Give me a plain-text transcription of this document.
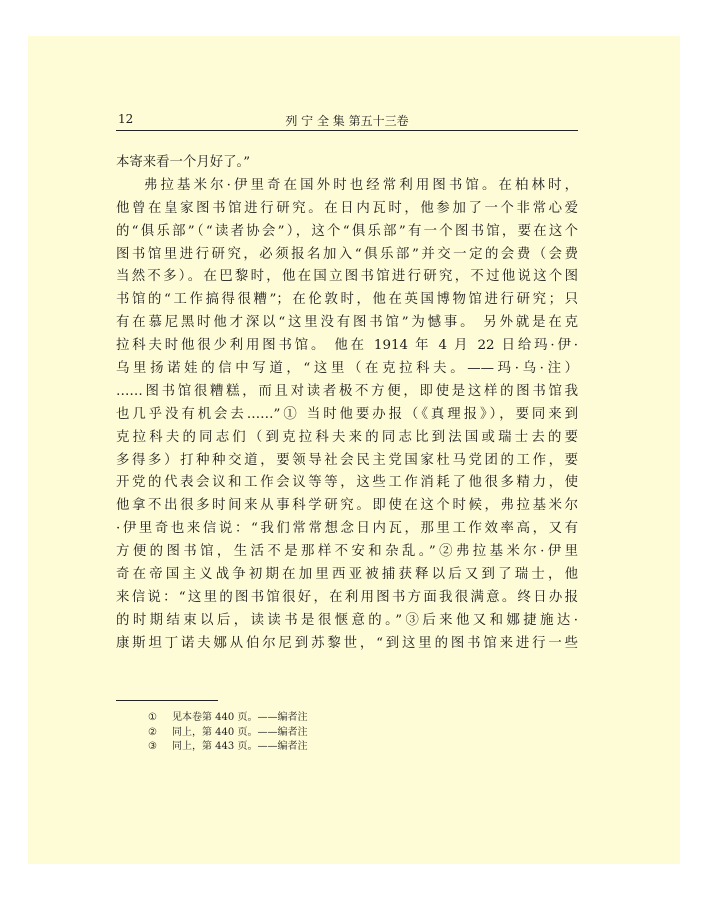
12	列 宁 全 集 第五十三卷
本寄来看一个月好了。”
弗拉基米尔·伊里奇在国外时也经常利用图书馆。在柏林时，
他曾在皇家图书馆进行研究。在日内瓦时，他参加了一个非常心爱
的“俱乐部”（“读者协会”），这个“俱乐部”有一个图书馆，要在这个
图书馆里进行研究，必须报名加入“俱乐部”并交一定的会费（会费
当然不多）。在巴黎时，他在国立图书馆进行研究，不过他说这个图
书馆的“工作搞得很糟”；在伦敦时，他在英国博物馆进行研究；只
有在慕尼黑时他才深以“这里没有图书馆”为憾事。 另外就是在克
拉科夫时他很少利用图书馆。 他在 1914 年 4 月 22 日给玛·伊·
乌里扬诺娃的信中写道，“这里（在克拉科夫。——玛·乌·注）
……图书馆很糟糕，而且对读者极不方便，即使是这样的图书馆我
也几乎没有机会去……”① 当时他要办报（《真理报》），要同来到
克拉科夫的同志们（到克拉科夫来的同志比到法国或瑞士去的要
多得多）打种种交道，要领导社会民主党国家杜马党团的工作，要
开党的代表会议和工作会议等等，这些工作消耗了他很多精力，使
他拿不出很多时间来从事科学研究。即使在这个时候，弗拉基米尔
·伊里奇也来信说：“我们常常想念日内瓦，那里工作效率高，又有
方便的图书馆，生活不是那样不安和杂乱。”②弗拉基米尔·伊里
奇在帝国主义战争初期在加里西亚被捕获释以后又到了瑞士，他
来信说：“这里的图书馆很好，在利用图书方面我很满意。终日办报
的时期结束以后，读读书是很惬意的。”③后来他又和娜捷施达·
康斯坦丁诺夫娜从伯尔尼到苏黎世，“到这里的图书馆来进行一些
① 见本卷第 440 页。——编者注
② 同上，第 440 页。——编者注
③ 同上，第 443 页。——编者注
